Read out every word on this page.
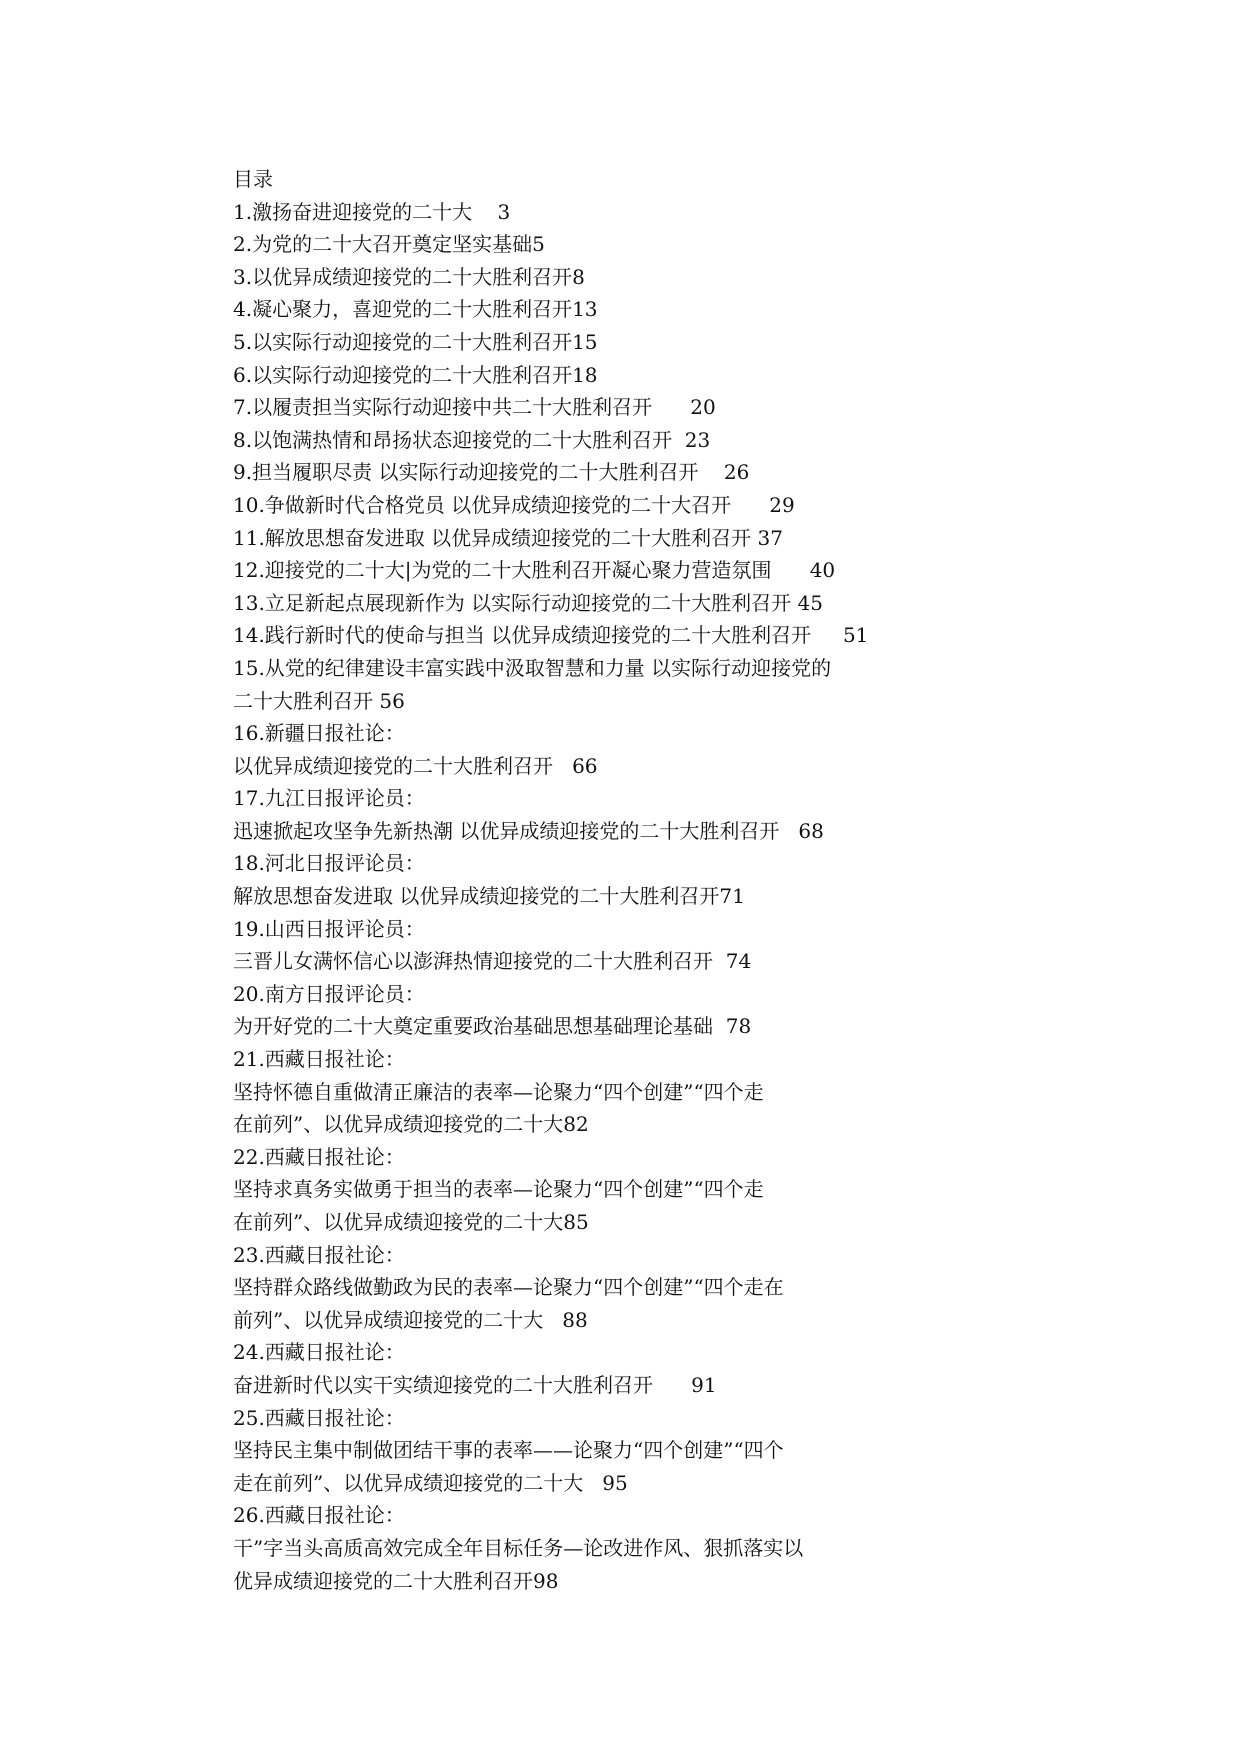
目录
1.激扬奋进迎接党的二十大    3
2.为党的二十大召开奠定坚实基础5
3.以优异成绩迎接党的二十大胜利召开8
4.凝心聚力，喜迎党的二十大胜利召开13
5.以实际行动迎接党的二十大胜利召开15
6.以实际行动迎接党的二十大胜利召开18
7.以履责担当实际行动迎接中共二十大胜利召开      20
8.以饱满热情和昂扬状态迎接党的二十大胜利召开  23
9.担当履职尽责 以实际行动迎接党的二十大胜利召开    26
10.争做新时代合格党员 以优异成绩迎接党的二十大召开      29
11.解放思想奋发进取 以优异成绩迎接党的二十大胜利召开 37
12.迎接党的二十大|为党的二十大胜利召开凝心聚力营造氛围      40
13.立足新起点展现新作为 以实际行动迎接党的二十大胜利召开 45
14.践行新时代的使命与担当 以优异成绩迎接党的二十大胜利召开     51
15.从党的纪律建设丰富实践中汲取智慧和力量 以实际行动迎接党的
二十大胜利召开 56
16.新疆日报社论：
以优异成绩迎接党的二十大胜利召开   66
17.九江日报评论员：
迅速掀起攻坚争先新热潮 以优异成绩迎接党的二十大胜利召开   68
18.河北日报评论员：
解放思想奋发进取 以优异成绩迎接党的二十大胜利召开71
19.山西日报评论员：
三晋儿女满怀信心以澎湃热情迎接党的二十大胜利召开  74
20.南方日报评论员：
为开好党的二十大奠定重要政治基础思想基础理论基础  78
21.西藏日报社论：
坚持怀德自重做清正廉洁的表率—论聚力“四个创建”“四个走
在前列”、以优异成绩迎接党的二十大82
22.西藏日报社论：
坚持求真务实做勇于担当的表率—论聚力“四个创建”“四个走
在前列”、以优异成绩迎接党的二十大85
23.西藏日报社论：
坚持群众路线做勤政为民的表率—论聚力“四个创建”“四个走在
前列”、以优异成绩迎接党的二十大   88
24.西藏日报社论：
奋进新时代以实干实绩迎接党的二十大胜利召开      91
25.西藏日报社论：
坚持民主集中制做团结干事的表率——论聚力“四个创建”“四个
走在前列”、以优异成绩迎接党的二十大   95
26.西藏日报社论：
干”字当头高质高效完成全年目标任务—论改进作风、狠抓落实以
优异成绩迎接党的二十大胜利召开98
